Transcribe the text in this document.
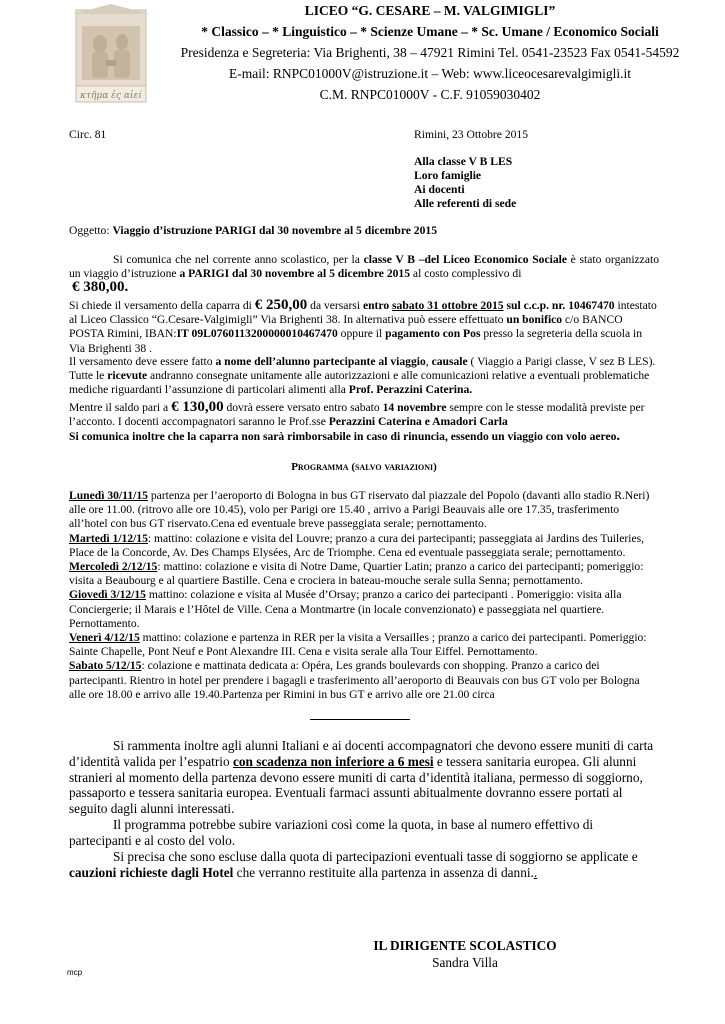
κτῆμα ἐς αἰεί
LICEO “G. CESARE – M. VALGIMIGLI”
* Classico – * Linguistico – * Scienze Umane – * Sc. Umane / Economico Sociali
Presidenza e Segreteria: Via Brighenti, 38 – 47921 Rimini Tel. 0541-23523 Fax 0541-54592
E-mail: RNPC01000V@istruzione.it – Web: www.liceocesarevalgimigli.it
C.M. RNPC01000V - C.F. 91059030402
Circ. 81	Rimini, 23 Ottobre 2015
Alla classe V B LES
Loro famiglie
Ai docenti
Alle referenti di sede

Oggetto: Viaggio d’istruzione PARIGI dal 30 novembre al 5 dicembre 2015

Si comunica che nel corrente anno scolastico, per la classe V B –del Liceo Economico Sociale è stato organizzato un viaggio d’istruzione a PARIGI dal 30 novembre al 5 dicembre 2015 al costo complessivo di

€ 380,00.

Si chiede il versamento della caparra di € 250,00 da versarsi entro sabato 31 ottobre 2015 sul c.c.p. nr. 10467470 intestato al Liceo Classico “G.Cesare-Valgimigli” Via Brighenti 38. In alternativa può essere effettuato un bonifico c/o BANCO POSTA Rimini, IBAN:IT 09L0760113200000010467470 oppure il pagamento con Pos presso la segreteria della scuola in Via Brighenti 38 .

Il versamento deve essere fatto a nome dell’alunno partecipante al viaggio, causale ( Viaggio a Parigi classe, V sez B LES). Tutte le ricevute andranno consegnate unitamente alle autorizzazioni e alle comunicazioni relative a eventuali problematiche mediche riguardanti l’assunzione di particolari alimenti alla Prof. Perazzini Caterina.

Mentre il saldo pari a € 130,00 dovrà essere versato entro sabato 14 novembre sempre con le stesse modalità previste per l’acconto. I docenti accompagnatori saranno le Prof.sse Perazzini Caterina e Amadori Carla
Si comunica inoltre che la caparra non sarà rimborsabile in caso di rinuncia, essendo un viaggio con volo aereo.

Programma (salvo variazioni)
Lunedì 30/11/15 partenza per l’aeroporto di Bologna in bus GT riservato dal piazzale del Popolo (davanti allo stadio R.Neri) alle ore 11.00. (ritrovo alle ore 10.45), volo per Parigi ore 15.40 , arrivo a Parigi Beauvais alle ore 17.35, trasferimento all’hotel con bus GT riservato.Cena ed eventuale breve passeggiata serale; pernottamento.
Martedì 1/12/15: mattino: colazione e visita del Louvre; pranzo a cura dei partecipanti; passeggiata ai Jardins des Tuileries, Place de la Concorde, Av. Des Champs Elysées, Arc de Triomphe. Cena ed eventuale passeggiata serale; pernottamento.
Mercoledì 2/12/15: mattino: colazione e visita di Notre Dame, Quartier Latin; pranzo a carico dei partecipanti; pomeriggio: visita a Beaubourg e al quartiere Bastille. Cena e crociera in bateau-mouche serale sulla Senna; pernottamento.
Giovedì 3/12/15 mattino: colazione e visita al Musée d’Orsay; pranzo a carico dei partecipanti . Pomeriggio: visita alla Conciergerie; il Marais e l’Hôtel de Ville. Cena a Montmartre (in locale convenzionato) e passeggiata nel quartiere. Pernottamento.
Venerì 4/12/15 mattino: colazione e partenza in RER per la visita a Versailles ; pranzo a carico dei partecipanti. Pomeriggio: Sainte Chapelle, Pont Neuf e Pont Alexandre III. Cena e visita serale alla Tour Eiffel. Pernottamento.
Sabato 5/12/15: colazione e mattinata dedicata a: Opéra, Les grands boulevards con shopping. Pranzo a carico dei partecipanti. Rientro in hotel per prendere i bagagli e trasferimento all’aeroporto di Beauvais con bus GT volo per Bologna alle ore 18.00 e arrivo alle 19.40.Partenza per Rimini in bus GT e arrivo alle ore 21.00 circa

Si rammenta inoltre agli alunni Italiani e ai docenti accompagnatori che devono essere muniti di carta d’identità valida per l’espatrio con scadenza non inferiore a 6 mesi e tessera sanitaria europea. Gli alunni stranieri al momento della partenza devono essere muniti di carta d’identità italiana, permesso di soggiorno, passaporto e tessera sanitaria europea. Eventuali farmaci assunti abitualmente dovranno essere portati al seguito dagli alunni interessati.

Il programma potrebbe subire variazioni così come la quota, in base al numero effettivo di partecipanti e al costo del volo.

Si precisa che sono escluse dalla quota di partecipazioni eventuali tasse di soggiorno se applicate e cauzioni richieste dagli Hotel che verranno restituite alla partenza in assenza di danni..

IL DIRIGENTE SCOLASTICO
Sandra Villa
mcp
